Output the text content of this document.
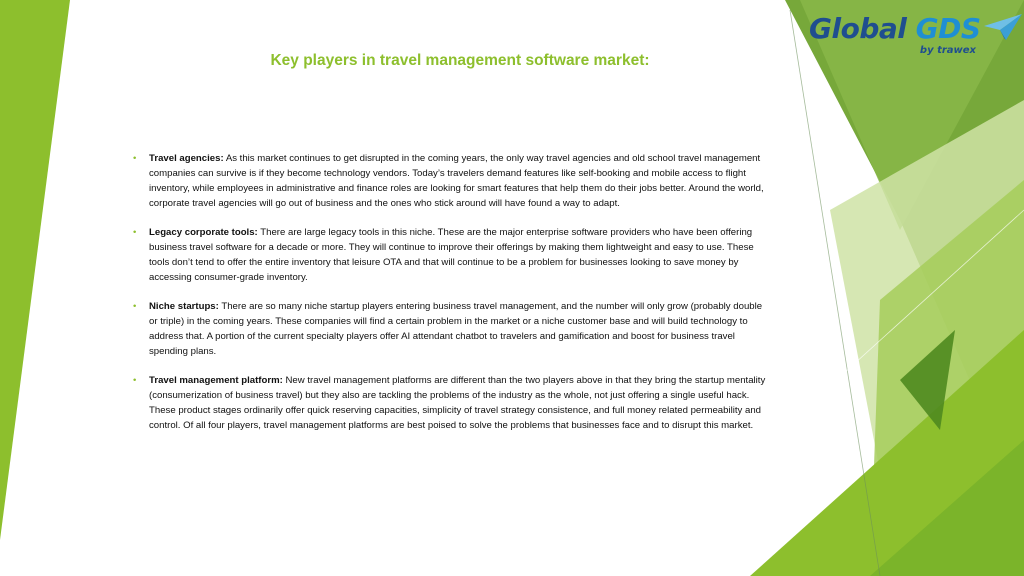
Global GDS
by trawex
Key players in travel management software market:
• Travel agencies: As this market continues to get disrupted in the coming years, the only way travel agencies and old school travel management companies can survive is if they become technology vendors. Today’s travelers demand features like self-booking and mobile access to flight inventory, while employees in administrative and finance roles are looking for smart features that help them do their jobs better. Around the world, corporate travel agencies will go out of business and the ones who stick around will have found a way to adapt.
• Legacy corporate tools: There are large legacy tools in this niche. These are the major enterprise software providers who have been offering business travel software for a decade or more. They will continue to improve their offerings by making them lightweight and easy to use. These tools don’t tend to offer the entire inventory that leisure OTA and that will continue to be a problem for businesses looking to save money by accessing consumer-grade inventory.
• Niche startups: There are so many niche startup players entering business travel management, and the number will only grow (probably double or triple) in the coming years. These companies will find a certain problem in the market or a niche customer base and will build technology to address that. A portion of the current specialty players offer AI attendant chatbot to travelers and gamification and boost for business travel spending plans.
• Travel management platform: New travel management platforms are different than the two players above in that they bring the startup mentality (consumerization of business travel) but they also are tackling the problems of the industry as the whole, not just offering a single useful hack. These product stages ordinarily offer quick reserving capacities, simplicity of travel strategy consistence, and full money related permeability and control. Of all four players, travel management platforms are best poised to solve the problems that businesses face and to disrupt this market.
